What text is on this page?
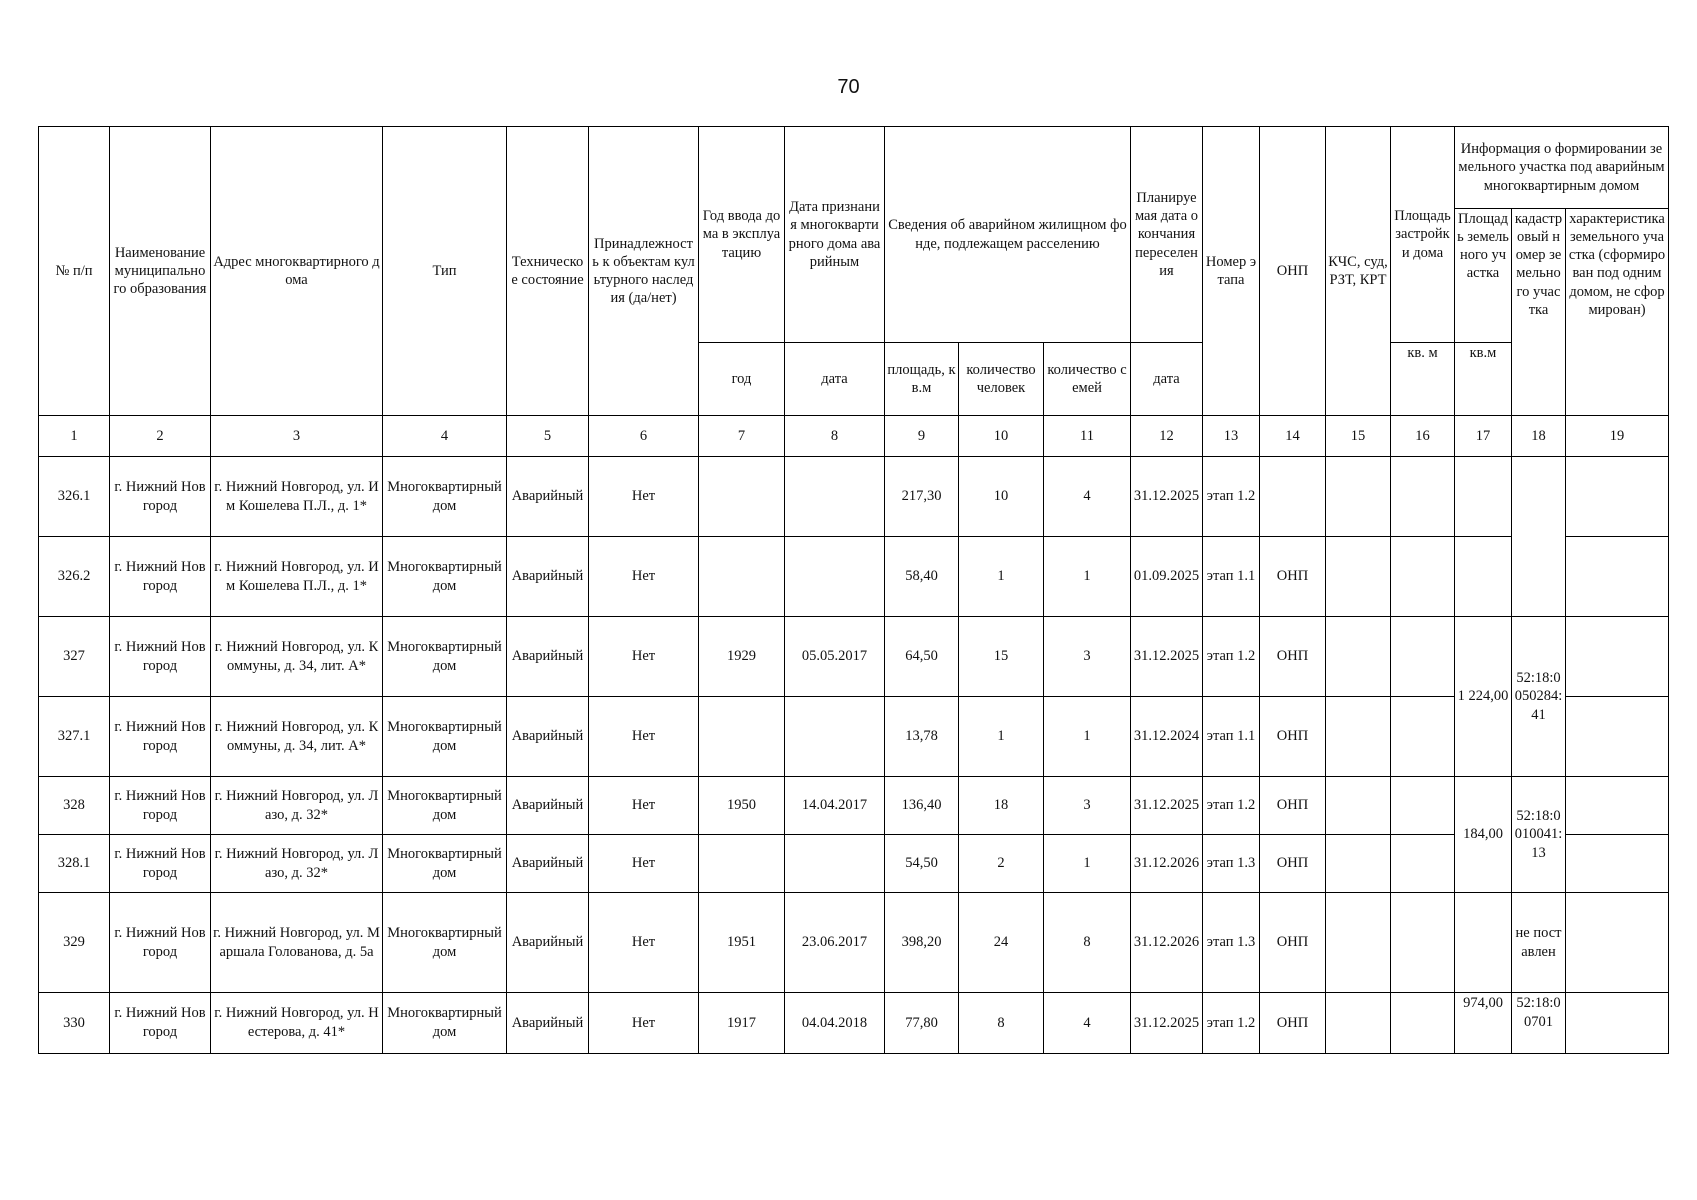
70
№ п/п	Наименование муниципального образования	Адрес многоквартирного дома	Тип	Техническое состояние	Принадлежность к объектам культурного наследия (да/нет)	Год ввода дома в эксплуатацию	Дата признания многоквартирного дома аварийным	Сведения об аварийном жилищном фонде, подлежащем расселению			Планируемая дата окончания переселения	Номер этапа	ОНП	КЧС, суд, РЗТ, КРТ	Площадь застройки дома	Информация о формировании земельного участка под аварийным многоквартирным домом		
																Площадь земельного участка	кадастровый номер земельного участка	характеристика земельного участка (сформирован под одним домом, не сформирован)
						год	дата	площадь, кв.м	количество человек	количество семей	дата				кв. м	кв.м		
1	2	3	4	5	6	7	8	9	10	11	12	13	14	15	16	17	18	19
326.1	г. Нижний Новгород	г. Нижний Новгород, ул. Им Кошелева П.Л., д. 1*	Многоквартирный дом	Аварийный	Нет			217,30	10	4	31.12.2025	этап 1.2						
326.2	г. Нижний Новгород	г. Нижний Новгород, ул. Им Кошелева П.Л., д. 1*	Многоквартирный дом	Аварийный	Нет			58,40	1	1	01.09.2025	этап 1.1	ОНП					
327	г. Нижний Новгород	г. Нижний Новгород, ул. Коммуны, д. 34, лит. А*	Многоквартирный дом	Аварийный	Нет	1929	05.05.2017	64,50	15	3	31.12.2025	этап 1.2	ОНП			1 224,00	52:18:0050284:41	
327.1	г. Нижний Новгород	г. Нижний Новгород, ул. Коммуны, д. 34, лит. А*	Многоквартирный дом	Аварийный	Нет			13,78	1	1	31.12.2024	этап 1.1	ОНП					
328	г. Нижний Новгород	г. Нижний Новгород, ул. Лазо, д. 32*	Многоквартирный дом	Аварийный	Нет	1950	14.04.2017	136,40	18	3	31.12.2025	этап 1.2	ОНП			184,00	52:18:0010041:13	
328.1	г. Нижний Новгород	г. Нижний Новгород, ул. Лазо, д. 32*	Многоквартирный дом	Аварийный	Нет			54,50	2	1	31.12.2026	этап 1.3	ОНП					
329	г. Нижний Новгород	г. Нижний Новгород, ул. Маршала Голованова, д. 5а	Многоквартирный дом	Аварийный	Нет	1951	23.06.2017	398,20	24	8	31.12.2026	этап 1.3	ОНП				не поставлен	
330	г. Нижний Новгород	г. Нижний Новгород, ул. Нестерова, д. 41*	Многоквартирный дом	Аварийный	Нет	1917	04.04.2018	77,80	8	4	31.12.2025	этап 1.2	ОНП			974,00	52:18:00701	
